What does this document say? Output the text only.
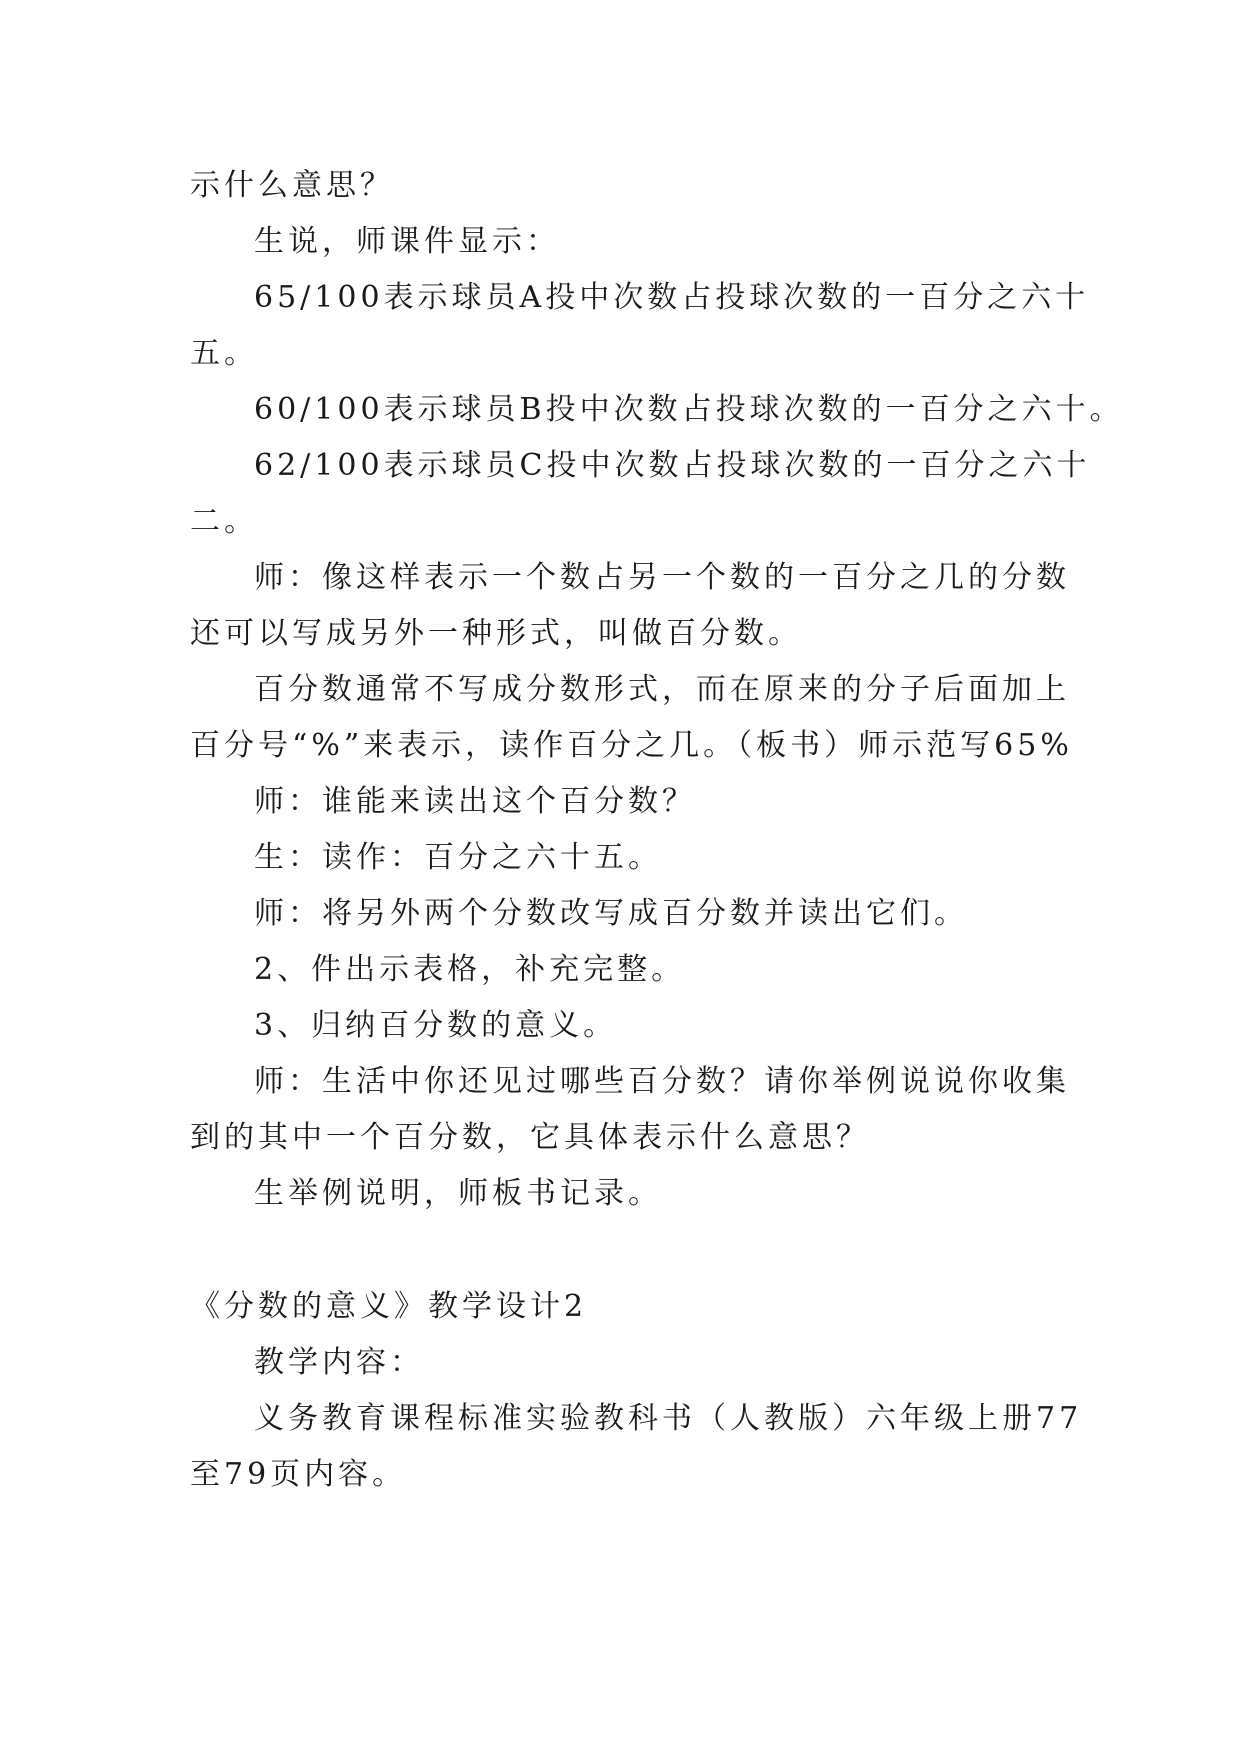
示什么意思？
生说，师课件显示：
65/100表示球员A投中次数占投球次数的一百分之六十
五。
60/100表示球员B投中次数占投球次数的一百分之六十。
62/100表示球员C投中次数占投球次数的一百分之六十
二。
师：像这样表示一个数占另一个数的一百分之几的分数
还可以写成另外一种形式，叫做百分数。
百分数通常不写成分数形式，而在原来的分子后面加上
百分号“%”来表示，读作百分之几。（板书）师示范写65%
师：谁能来读出这个百分数？
生：读作：百分之六十五。
师：将另外两个分数改写成百分数并读出它们。
2、件出示表格，补充完整。
3、归纳百分数的意义。
师：生活中你还见过哪些百分数？请你举例说说你收集
到的其中一个百分数，它具体表示什么意思？
生举例说明，师板书记录。
《分数的意义》教学设计2
教学内容：
义务教育课程标准实验教科书（人教版）六年级上册77
至79页内容。
